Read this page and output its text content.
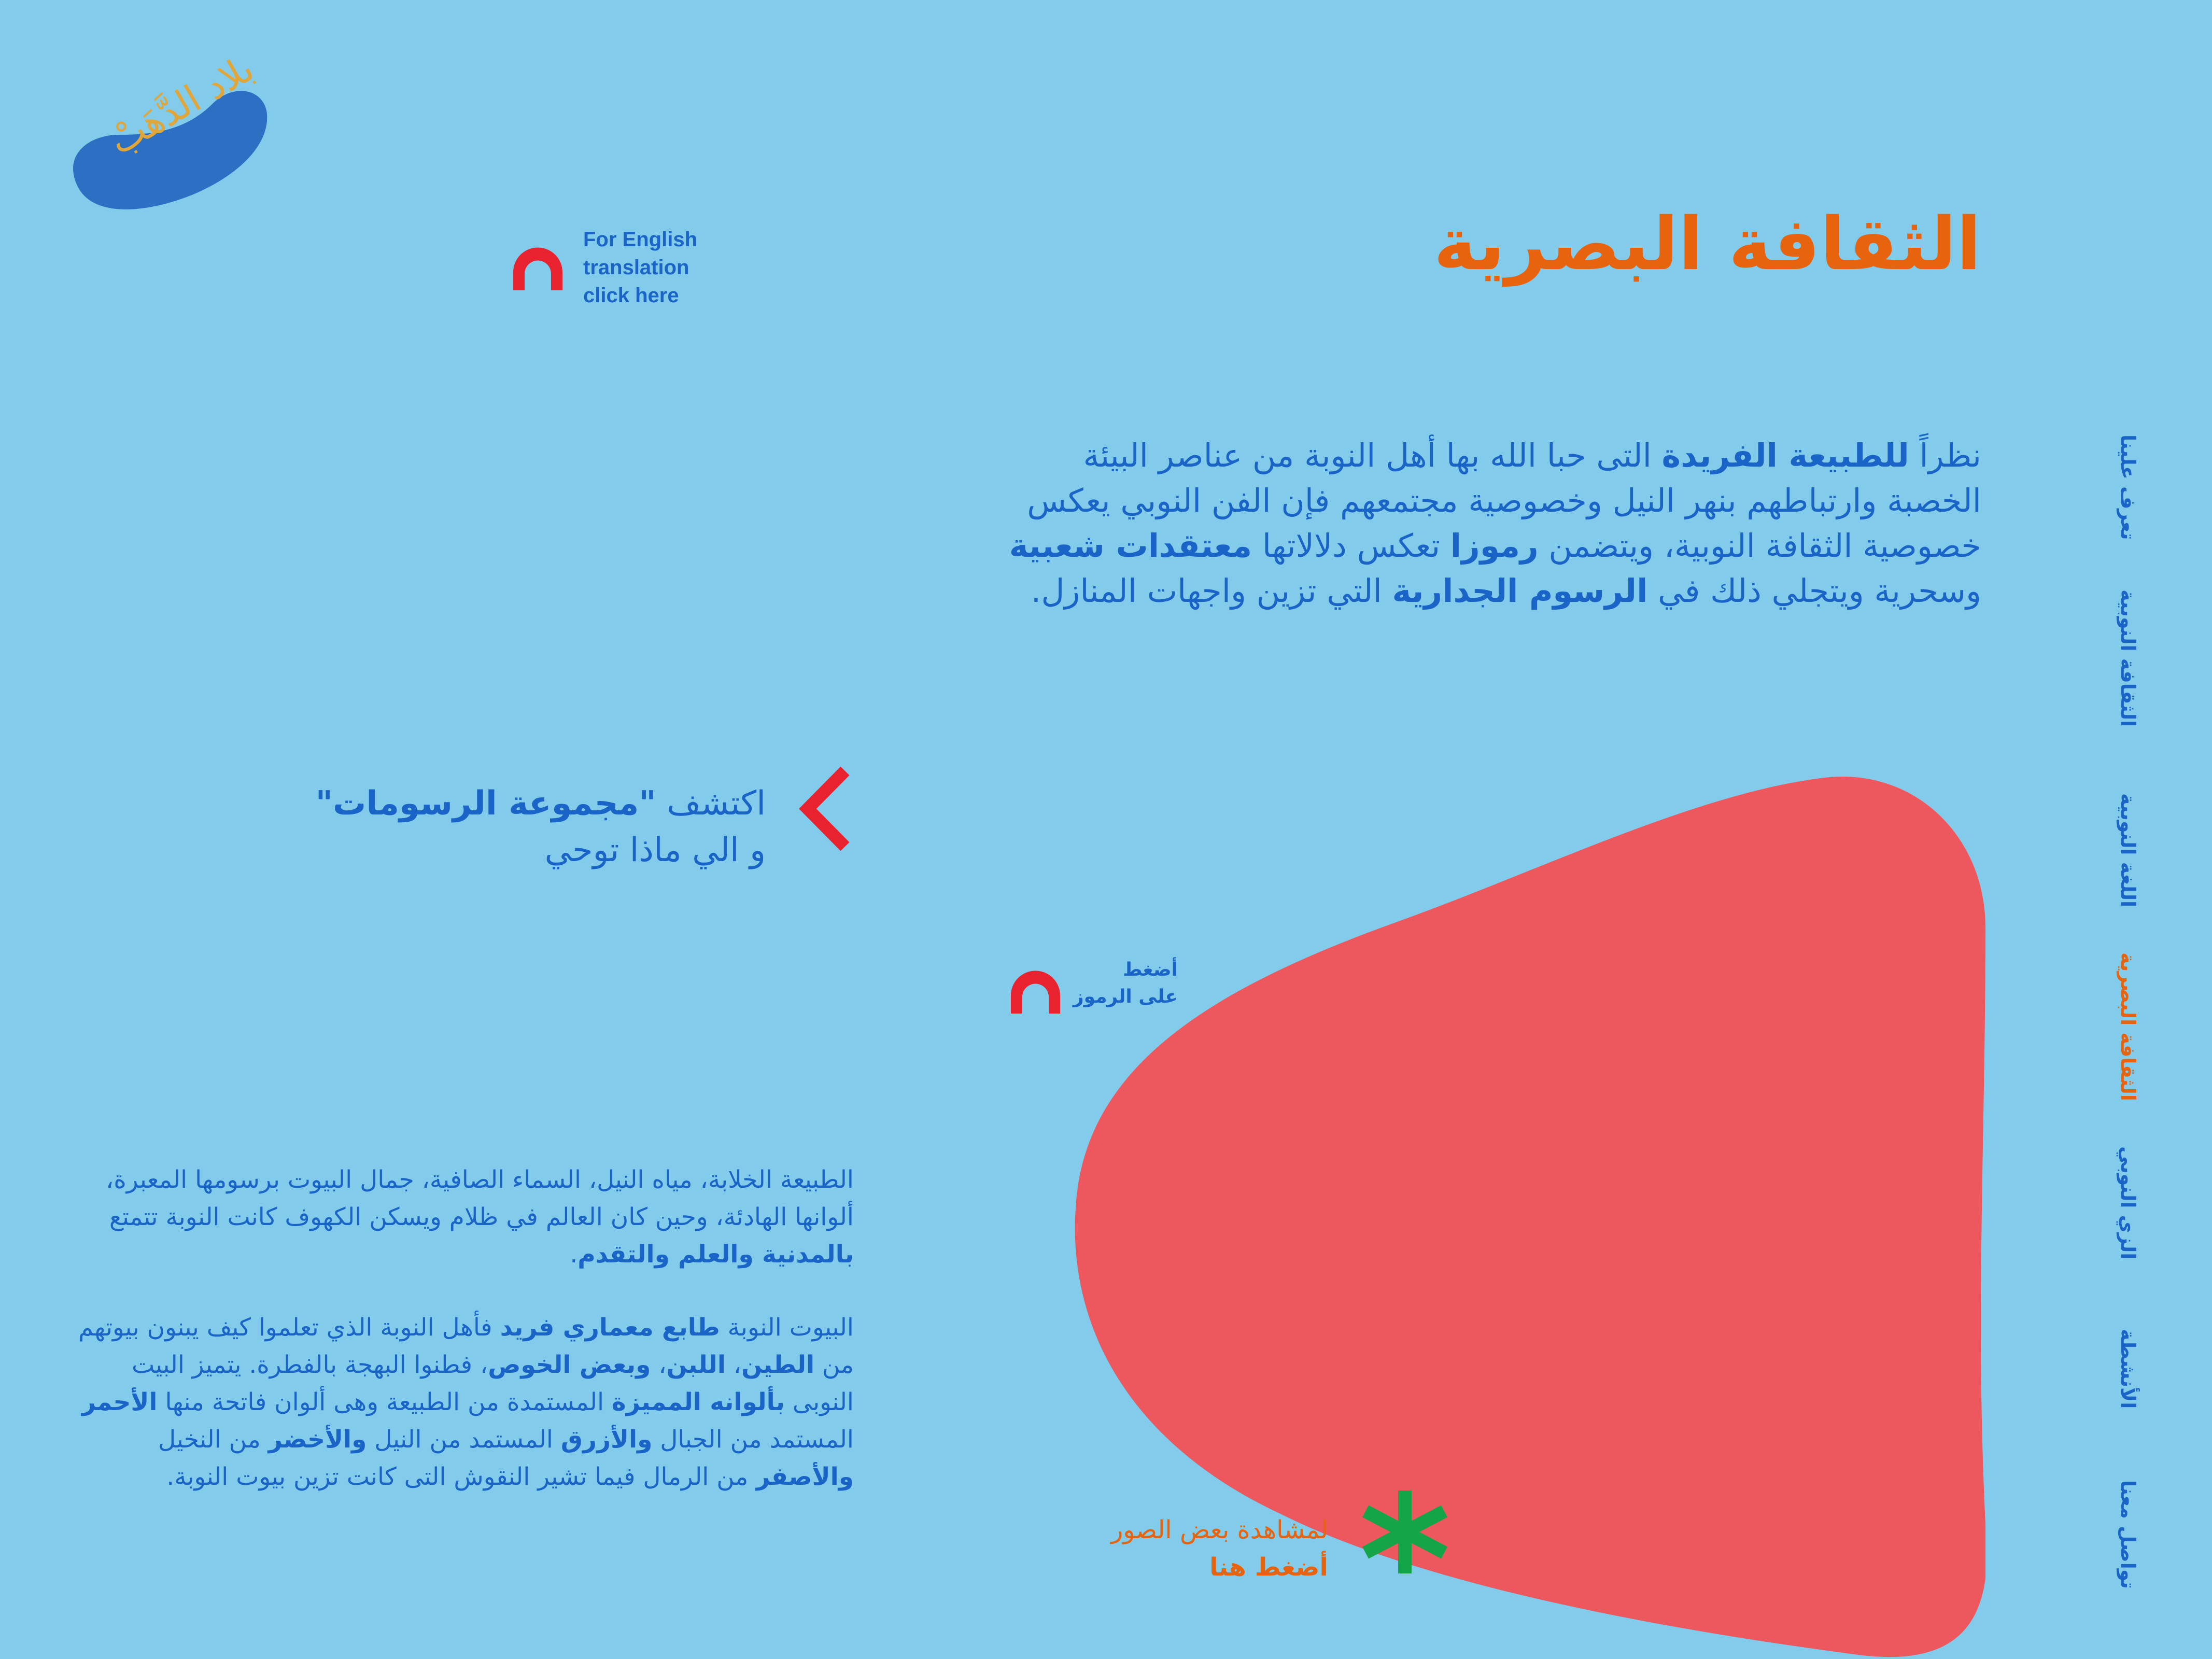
بلاد الدَّهَبْ
For English
translation
click here
الثقافة البصرية

نظراً للطبيعة الفريدة التى حبا الله بها أهل النوبة من عناصر البيئة الخصبة وارتباطهم بنهر النيل وخصوصية مجتمعهم فإن الفن النوبي يعكس خصوصية الثقافة النوبية، ويتضمن رموزا تعكس دلالاتها معتقدات شعبية وسحرية ويتجلي ذلك في الرسوم الجدارية التي تزين واجهات المنازل.

تعرف علينا
الثقافة النوبية
اللغة النوبية
الثقافة البصرية
الزي النوبي
الأنشطة
تواصل معنا
اكتشف "مجموعة الرسومات"
و الي ماذا توحي
أضغط
على الرموز

الطبيعة الخلابة، مياه النيل، السماء الصافية، جمال البيوت برسومها المعبرة، ألوانها الهادئة، وحين كان العالم في ظلام ويسكن الكهوف كانت النوبة تتمتع بالمدنية والعلم والتقدم.

البيوت النوبة طابع معماري فريد فأهل النوبة الذي تعلموا كيف يبنون بيوتهم من الطين، اللبن، وبعض الخوص، فطنوا البهجة بالفطرة. يتميز البيت النوبى بألوانه المميزة المستمدة من الطبيعة وهى ألوان فاتحة منها الأحمر المستمد من الجبال والأزرق المستمد من النيل والأخضر من النخيل والأصفر من الرمال فيما تشير النقوش التى كانت تزين بيوت النوبة.

لمشاهدة بعض الصور
أضغط هنا
